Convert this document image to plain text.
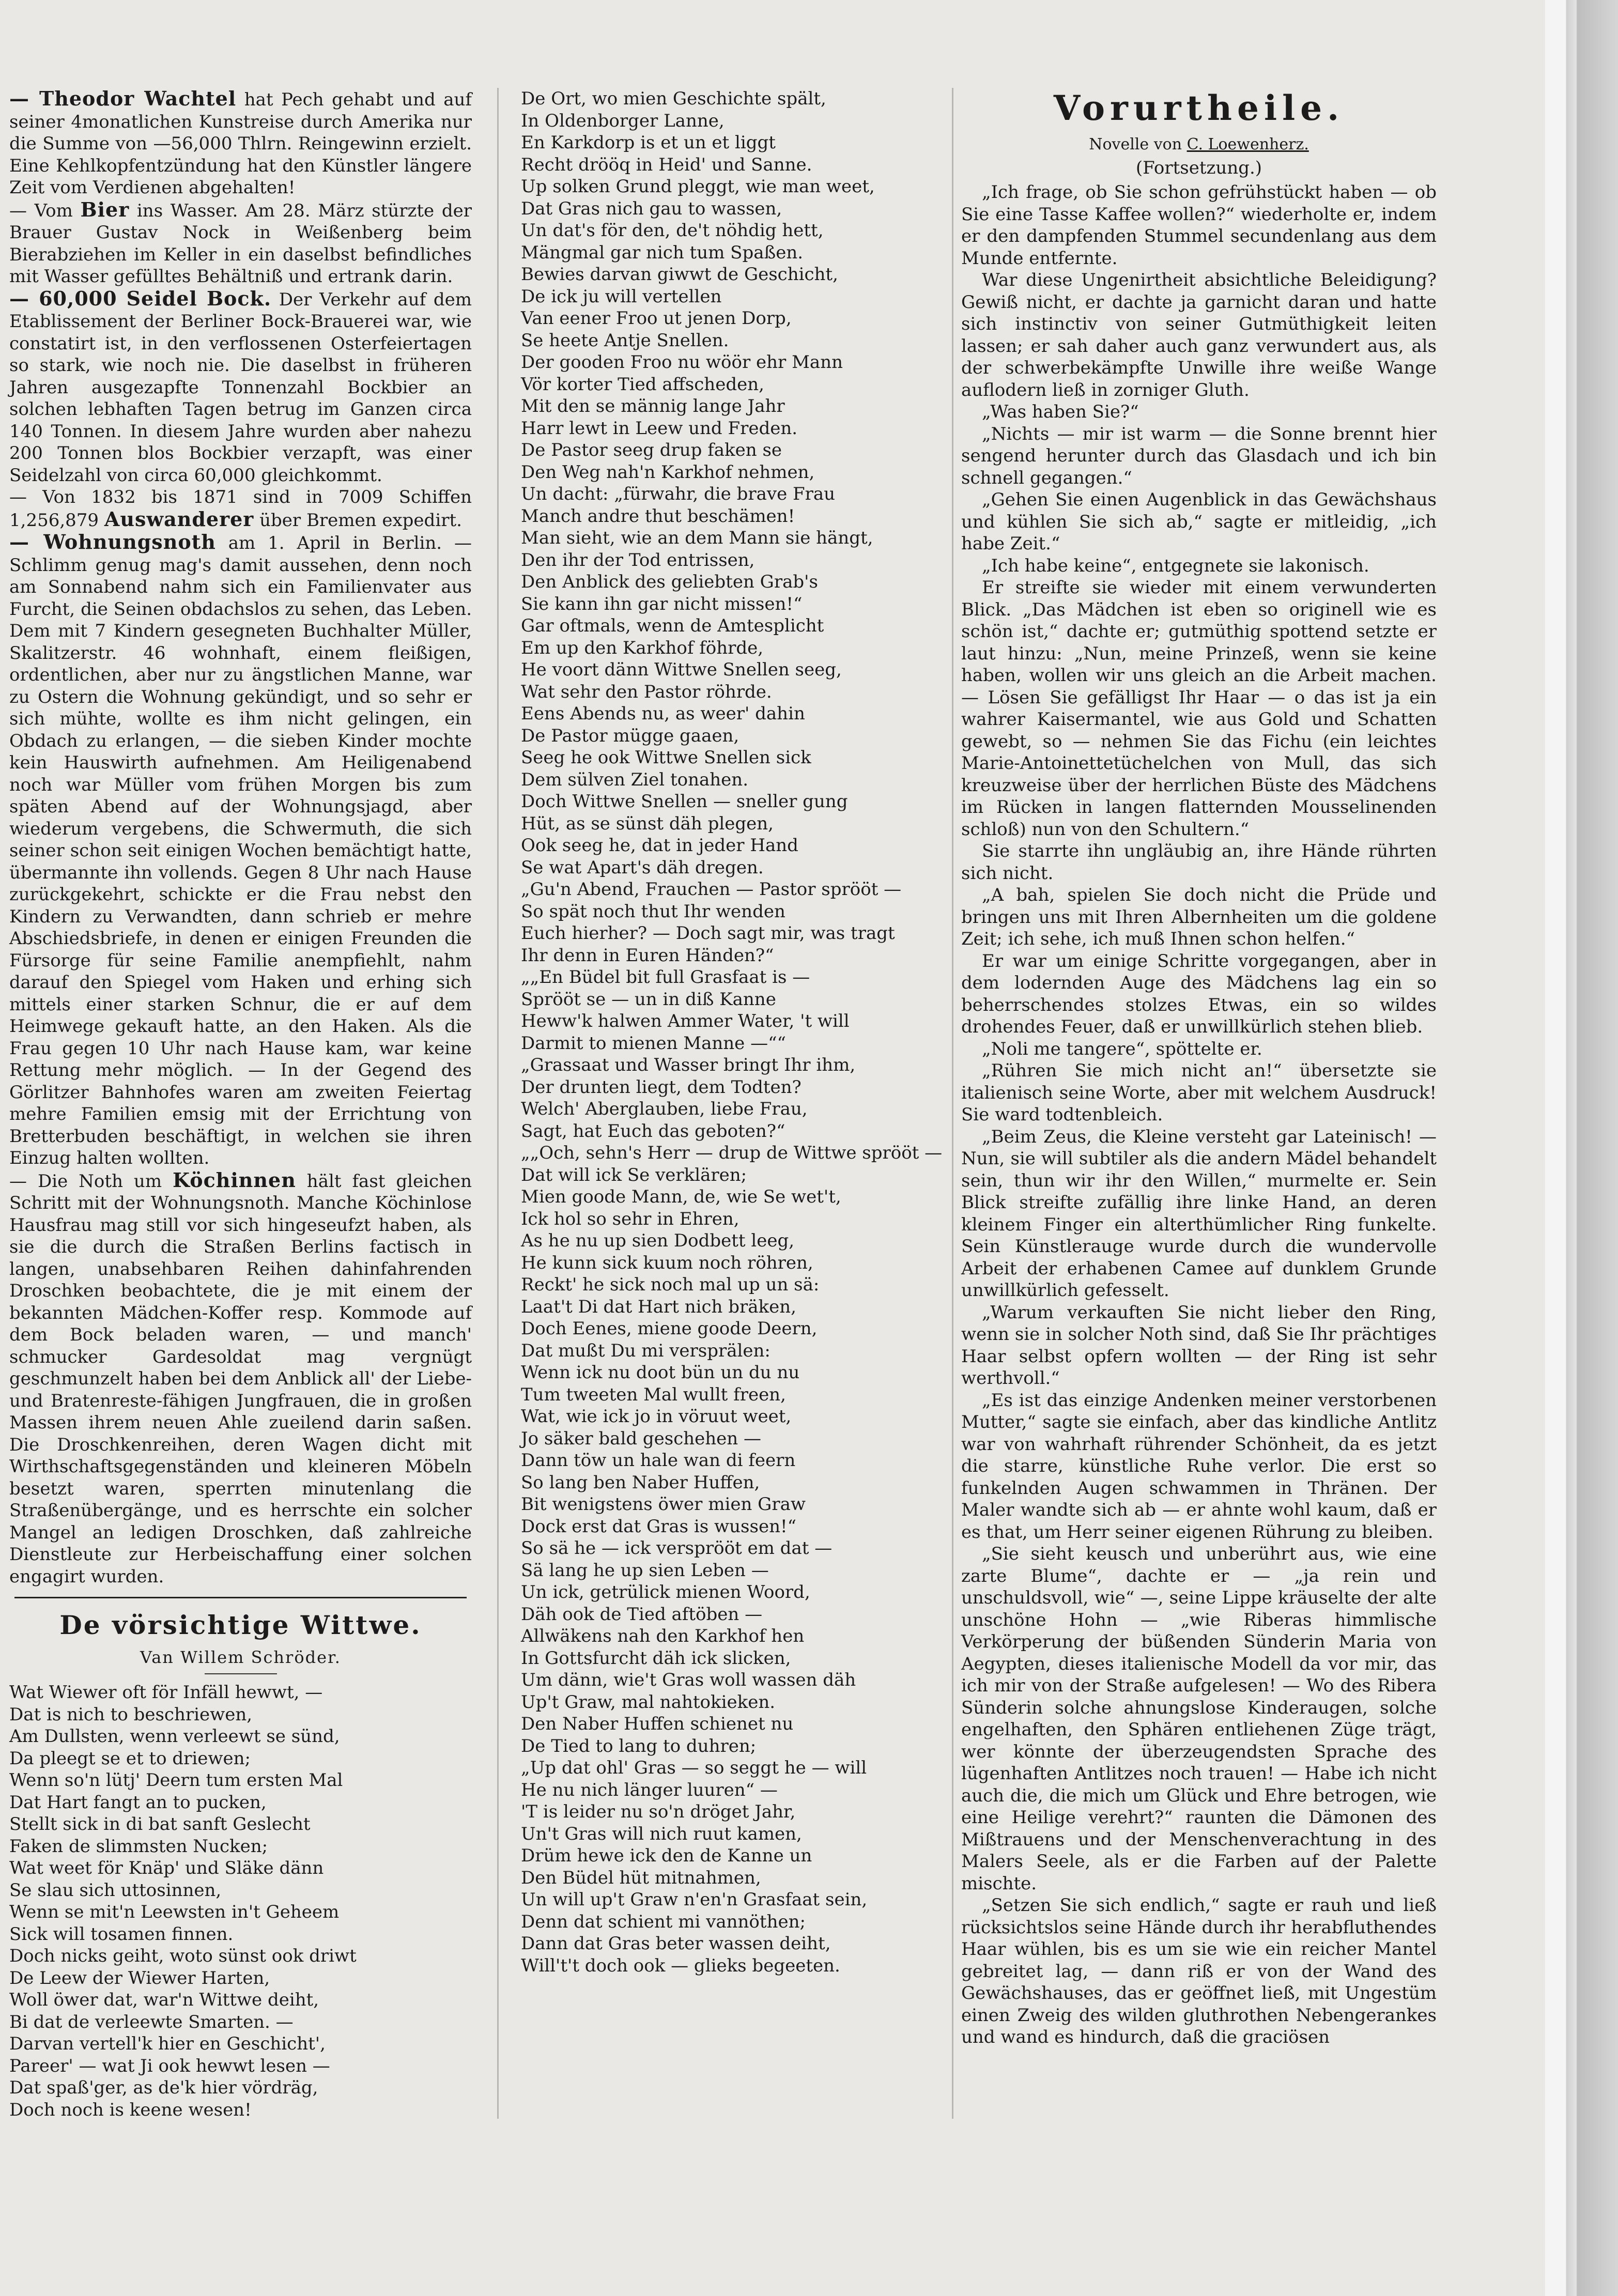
— Theodor Wachtel hat Pech gehabt und auf seiner 4monatlichen Kunstreise durch Amerika nur die Summe von —56,000 Thlrn. Reingewinn erzielt. Eine Kehlkopfentzündung hat den Künstler längere Zeit vom Verdienen abgehalten!

— Vom Bier ins Wasser. Am 28. März stürzte der Brauer Gustav Nock in Weißenberg beim Bierabziehen im Keller in ein daselbst befindliches mit Wasser gefülltes Behältniß und ertrank darin.

— 60,000 Seidel Bock. Der Verkehr auf dem Etablissement der Berliner Bock-Brauerei war, wie constatirt ist, in den verflossenen Osterfeiertagen so stark, wie noch nie. Die daselbst in früheren Jahren ausgezapfte Tonnenzahl Bockbier an solchen lebhaften Tagen betrug im Ganzen circa 140 Tonnen. In diesem Jahre wurden aber nahezu 200 Tonnen blos Bockbier verzapft, was einer Seidelzahl von circa 60,000 gleichkommt.

— Von 1832 bis 1871 sind in 7009 Schiffen 1,256,879 Auswanderer über Bremen expedirt.

— Wohnungsnoth am 1. April in Berlin. — Schlimm genug mag's damit aussehen, denn noch am Sonnabend nahm sich ein Familienvater aus Furcht, die Seinen obdachslos zu sehen, das Leben. Dem mit 7 Kindern gesegneten Buchhalter Müller, Skalitzerstr. 46 wohnhaft, einem fleißigen, ordentlichen, aber nur zu ängstlichen Manne, war zu Ostern die Wohnung gekündigt, und so sehr er sich mühte, wollte es ihm nicht gelingen, ein Obdach zu erlangen, — die sieben Kinder mochte kein Hauswirth aufnehmen. Am Heiligenabend noch war Müller vom frühen Morgen bis zum späten Abend auf der Wohnungsjagd, aber wiederum vergebens, die Schwermuth, die sich seiner schon seit einigen Wochen bemächtigt hatte, übermannte ihn vollends. Gegen 8 Uhr nach Hause zurückgekehrt, schickte er die Frau nebst den Kindern zu Verwandten, dann schrieb er mehre Abschiedsbriefe, in denen er einigen Freunden die Fürsorge für seine Familie anempfiehlt, nahm darauf den Spiegel vom Haken und erhing sich mittels einer starken Schnur, die er auf dem Heimwege gekauft hatte, an den Haken. Als die Frau gegen 10 Uhr nach Hause kam, war keine Rettung mehr möglich. — In der Gegend des Görlitzer Bahnhofes waren am zweiten Feiertag mehre Familien emsig mit der Errichtung von Bretterbuden beschäftigt, in welchen sie ihren Einzug halten wollten.

— Die Noth um Köchinnen hält fast gleichen Schritt mit der Wohnungsnoth. Manche Köchinlose Hausfrau mag still vor sich hingeseufzt haben, als sie die durch die Straßen Berlins factisch in langen, unabsehbaren Reihen dahinfahrenden Droschken beobachtete, die je mit einem der bekannten Mädchen-Koffer resp. Kommode auf dem Bock beladen waren, — und manch' schmucker Gardesoldat mag vergnügt geschmunzelt haben bei dem Anblick all' der Liebe- und Bratenreste-fähigen Jungfrauen, die in großen Massen ihrem neuen Ahle zueilend darin saßen. Die Droschkenreihen, deren Wagen dicht mit Wirthschaftsgegenständen und kleineren Möbeln besetzt waren, sperrten minutenlang die Straßenübergänge, und es herrschte ein solcher Mangel an ledigen Droschken, daß zahlreiche Dienstleute zur Herbeischaffung einer solchen engagirt wurden.

De vörsichtige Wittwe.
Van Willem Schröder.

Wat Wiewer oft för Infäll hewwt, —

Dat is nich to beschriewen,

Am Dullsten, wenn verleewt se sünd,

Da pleegt se et to driewen;

Wenn so'n lütj' Deern tum ersten Mal

Dat Hart fangt an to pucken,

Stellt sick in di bat sanft Geslecht

Faken de slimmsten Nucken;

Wat weet för Knäp' und Släke dänn

Se slau sich uttosinnen,

Wenn se mit'n Leewsten in't Geheem

Sick will tosamen finnen.

Doch nicks geiht, woto sünst ook driwt

De Leew der Wiewer Harten,

Woll öwer dat, war'n Wittwe deiht,

Bi dat de verleewte Smarten. —

Darvan vertell'k hier en Geschicht',

Pareer' — wat Ji ook hewwt lesen —

Dat spaß'ger, as de'k hier vördräg,

Doch noch is keene wesen!

De Ort, wo mien Geschichte spält,

In Oldenborger Lanne,

En Karkdorp is et un et liggt

Recht drööq in Heid' und Sanne.

Up solken Grund pleggt, wie man weet,

Dat Gras nich gau to wassen,

Un dat's för den, de't nöhdig hett,

Mängmal gar nich tum Spaßen.

Bewies darvan giwwt de Geschicht,

De ick ju will vertellen

Van eener Froo ut jenen Dorp,

Se heete Antje Snellen.

Der gooden Froo nu wöör ehr Mann

Vör korter Tied affscheden,

Mit den se männig lange Jahr

Harr lewt in Leew und Freden.

De Pastor seeg drup faken se

Den Weg nah'n Karkhof nehmen,

Un dacht: „fürwahr, die brave Frau

Manch andre thut beschämen!

Man sieht, wie an dem Mann sie hängt,

Den ihr der Tod entrissen,

Den Anblick des geliebten Grab's

Sie kann ihn gar nicht missen!“

Gar oftmals, wenn de Amtesplicht

Em up den Karkhof föhrde,

He voort dänn Wittwe Snellen seeg,

Wat sehr den Pastor röhrde.

Eens Abends nu, as weer' dahin

De Pastor mügge gaaen,

Seeg he ook Wittwe Snellen sick

Dem sülven Ziel tonahen.

Doch Wittwe Snellen — sneller gung

Hüt, as se sünst däh plegen,

Ook seeg he, dat in jeder Hand

Se wat Apart's däh dregen.

„Gu'n Abend, Frauchen — Pastor sprööt —

So spät noch thut Ihr wenden

Euch hierher? — Doch sagt mir, was tragt

Ihr denn in Euren Händen?“

„„En Büdel bit full Grasfaat is —

Sprööt se — un in diß Kanne

Heww'k halwen Ammer Water, 't will

Darmit to mienen Manne —““

„Grassaat und Wasser bringt Ihr ihm,

Der drunten liegt, dem Todten?

Welch' Aberglauben, liebe Frau,

Sagt, hat Euch das geboten?“

„„Och, sehn's Herr — drup de Wittwe sprööt —

Dat will ick Se verklären;

Mien goode Mann, de, wie Se wet't,

Ick hol so sehr in Ehren,

As he nu up sien Dodbett leeg,

He kunn sick kuum noch röhren,

Reckt' he sick noch mal up un sä:

Laat't Di dat Hart nich bräken,

Doch Eenes, miene goode Deern,

Dat mußt Du mi versprälen:

Wenn ick nu doot bün un du nu

Tum tweeten Mal wullt freen,

Wat, wie ick jo in vöruut weet,

Jo säker bald geschehen —

Dann töw un hale wan di feern

So lang ben Naber Huffen,

Bit wenigstens öwer mien Graw

Dock erst dat Gras is wussen!“

So sä he — ick versprööt em dat —

Sä lang he up sien Leben —

Un ick, getrülick mienen Woord,

Däh ook de Tied aftöben —

Allwäkens nah den Karkhof hen

In Gottsfurcht däh ick slicken,

Um dänn, wie't Gras woll wassen däh

Up't Graw, mal nahtokieken.

Den Naber Huffen schienet nu

De Tied to lang to duhren;

„Up dat ohl' Gras — so seggt he — will

He nu nich länger luuren“ —

'T is leider nu so'n dröget Jahr,

Un't Gras will nich ruut kamen,

Drüm hewe ick den de Kanne un

Den Büdel hüt mitnahmen,

Un will up't Graw n'en'n Grasfaat sein,

Denn dat schient mi vannöthen;

Dann dat Gras beter wassen deiht,

Will't't doch ook — glieks begeeten.

Vorurtheile.
Novelle von C. Loewenherz.
(Fortsetzung.)

„Ich frage, ob Sie schon gefrühstückt haben — ob Sie eine Tasse Kaffee wollen?“ wiederholte er, indem er den dampfenden Stummel secundenlang aus dem Munde entfernte.

War diese Ungenirtheit absichtliche Beleidigung? Gewiß nicht, er dachte ja garnicht daran und hatte sich instinctiv von seiner Gutmüthigkeit leiten lassen; er sah daher auch ganz verwundert aus, als der schwerbekämpfte Unwille ihre weiße Wange auflodern ließ in zorniger Gluth.

„Was haben Sie?“

„Nichts — mir ist warm — die Sonne brennt hier sengend herunter durch das Glasdach und ich bin schnell gegangen.“

„Gehen Sie einen Augenblick in das Gewächshaus und kühlen Sie sich ab,“ sagte er mitleidig, „ich habe Zeit.“

„Ich habe keine“, entgegnete sie lakonisch.

Er streifte sie wieder mit einem verwunderten Blick. „Das Mädchen ist eben so originell wie es schön ist,“ dachte er; gutmüthig spottend setzte er laut hinzu: „Nun, meine Prinzeß, wenn sie keine haben, wollen wir uns gleich an die Arbeit machen. — Lösen Sie gefälligst Ihr Haar — o das ist ja ein wahrer Kaisermantel, wie aus Gold und Schatten gewebt, so — nehmen Sie das Fichu (ein leichtes Marie-Antoinettetüchelchen von Mull, das sich kreuzweise über der herrlichen Büste des Mädchens im Rücken in langen flatternden Mousselinenden schloß) nun von den Schultern.“

Sie starrte ihn ungläubig an, ihre Hände rührten sich nicht.

„A bah, spielen Sie doch nicht die Prüde und bringen uns mit Ihren Albernheiten um die goldene Zeit; ich sehe, ich muß Ihnen schon helfen.“

Er war um einige Schritte vorgegangen, aber in dem lodernden Auge des Mädchens lag ein so beherrschendes stolzes Etwas, ein so wildes drohendes Feuer, daß er unwillkürlich stehen blieb.

„Noli me tangere“, spöttelte er.

„Rühren Sie mich nicht an!“ übersetzte sie italienisch seine Worte, aber mit welchem Ausdruck! Sie ward todtenbleich.

„Beim Zeus, die Kleine versteht gar Lateinisch! — Nun, sie will subtiler als die andern Mädel behandelt sein, thun wir ihr den Willen,“ murmelte er. Sein Blick streifte zufällig ihre linke Hand, an deren kleinem Finger ein alterthümlicher Ring funkelte. Sein Künstlerauge wurde durch die wundervolle Arbeit der erhabenen Camee auf dunklem Grunde unwillkürlich gefesselt.

„Warum verkauften Sie nicht lieber den Ring, wenn sie in solcher Noth sind, daß Sie Ihr prächtiges Haar selbst opfern wollten — der Ring ist sehr werthvoll.“

„Es ist das einzige Andenken meiner verstorbenen Mutter,“ sagte sie einfach, aber das kindliche Antlitz war von wahrhaft rührender Schönheit, da es jetzt die starre, künstliche Ruhe verlor. Die erst so funkelnden Augen schwammen in Thränen. Der Maler wandte sich ab — er ahnte wohl kaum, daß er es that, um Herr seiner eigenen Rührung zu bleiben.

„Sie sieht keusch und unberührt aus, wie eine zarte Blume“, dachte er — „ja rein und unschuldsvoll, wie“ —, seine Lippe kräuselte der alte unschöne Hohn — „wie Riberas himmlische Verkörperung der büßenden Sünderin Maria von Aegypten, dieses italienische Modell da vor mir, das ich mir von der Straße aufgelesen! — Wo des Ribera Sünderin solche ahnungslose Kinderaugen, solche engelhaften, den Sphären entliehenen Züge trägt, wer könnte der überzeugendsten Sprache des lügenhaften Antlitzes noch trauen! — Habe ich nicht auch die, die mich um Glück und Ehre betrogen, wie eine Heilige verehrt?“ raunten die Dämonen des Mißtrauens und der Menschenverachtung in des Malers Seele, als er die Farben auf der Palette mischte.

„Setzen Sie sich endlich,“ sagte er rauh und ließ rücksichtslos seine Hände durch ihr herabfluthendes Haar wühlen, bis es um sie wie ein reicher Mantel gebreitet lag, — dann riß er von der Wand des Gewächshauses, das er geöffnet ließ, mit Ungestüm einen Zweig des wilden gluthrothen Nebengerankes und wand es hindurch, daß die graciösen
